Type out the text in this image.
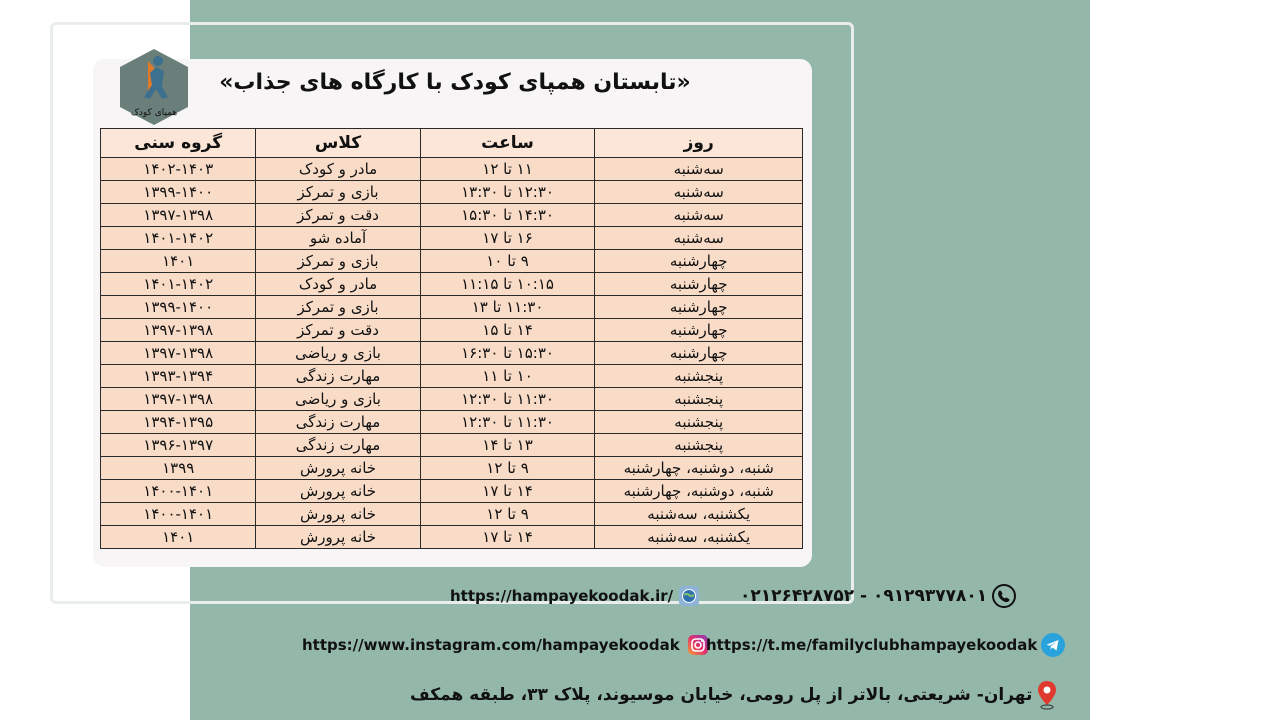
همپای کودک
«تابستان همپای کودک با کارگاه های جذاب»
روز	ساعت	کلاس	گروه سنی
سه‌شنبه	۱۱ تا ۱۲	مادر و کودک	۱۴۰۲-۱۴۰۳
سه‌شنبه	۱۲:۳۰ تا ۱۳:۳۰	بازی و تمرکز	۱۳۹۹-۱۴۰۰
سه‌شنبه	۱۴:۳۰ تا ۱۵:۳۰	دقت و تمرکز	۱۳۹۷-۱۳۹۸
سه‌شنبه	۱۶ تا ۱۷	آماده شو	۱۴۰۱-۱۴۰۲
چهارشنبه	۹ تا ۱۰	بازی و تمرکز	۱۴۰۱
چهارشنبه	۱۰:۱۵ تا ۱۱:۱۵	مادر و کودک	۱۴۰۱-۱۴۰۲
چهارشنبه	۱۱:۳۰ تا ۱۳	بازی و تمرکز	۱۳۹۹-۱۴۰۰
چهارشنبه	۱۴ تا ۱۵	دقت و تمرکز	۱۳۹۷-۱۳۹۸
چهارشنبه	۱۵:۳۰ تا ۱۶:۳۰	بازی و ریاضی	۱۳۹۷-۱۳۹۸
پنجشنبه	۱۰ تا ۱۱	مهارت زندگی	۱۳۹۳-۱۳۹۴
پنجشنبه	۱۱:۳۰ تا ۱۲:۳۰	بازی و ریاضی	۱۳۹۷-۱۳۹۸
پنجشنبه	۱۱:۳۰ تا ۱۲:۳۰	مهارت زندگی	۱۳۹۴-۱۳۹۵
پنجشنبه	۱۳ تا ۱۴	مهارت زندگی	۱۳۹۶-۱۳۹۷
شنبه، دوشنبه، چهارشنبه	۹ تا ۱۲	خانه پرورش	۱۳۹۹
شنبه، دوشنبه، چهارشنبه	۱۴ تا ۱۷	خانه پرورش	۱۴۰۰-۱۴۰۱
یکشنبه، سه‌شنبه	۹ تا ۱۲	خانه پرورش	۱۴۰۰-۱۴۰۱
یکشنبه، سه‌شنبه	۱۴ تا ۱۷	خانه پرورش	۱۴۰۱
۰۲۱۲۶۴۲۸۷۵۲ - ۰۹۱۲۹۳۷۷۸۰۱
https://hampayekoodak.ir/
https://www.instagram.com/hampayekoodak https://t.me/familyclubhampayekoodak
تهران- شریعتی، بالاتر از پل رومی، خیابان موسیوند، پلاک ۳۳، طبقه همکف
